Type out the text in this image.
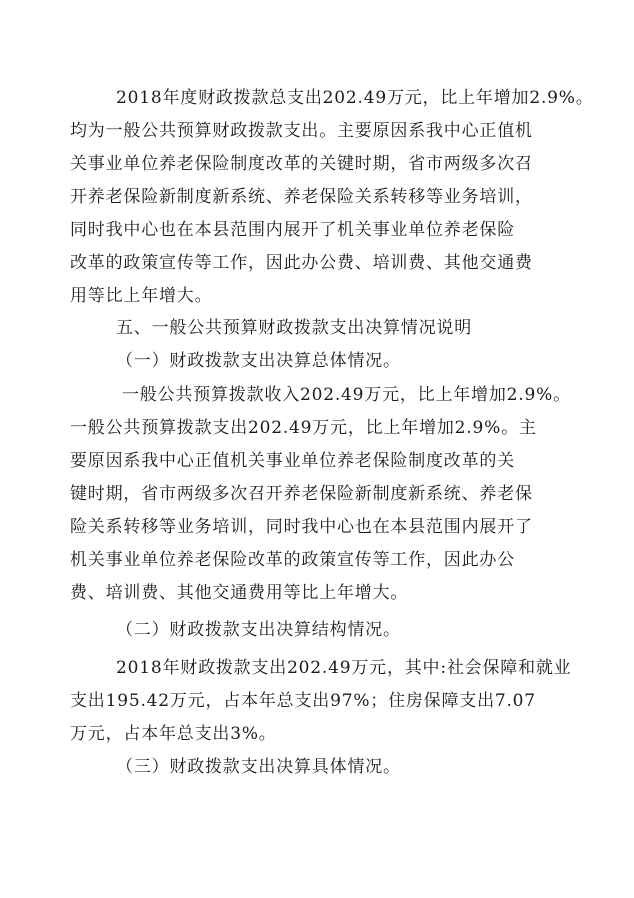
2018年度财政拨款总支出202.49万元，比上年增加2.9%。
均为一般公共预算财政拨款支出。主要原因系我中心正值机
关事业单位养老保险制度改革的关键时期，省市两级多次召
开养老保险新制度新系统、养老保险关系转移等业务培训，
同时我中心也在本县范围内展开了机关事业单位养老保险
改革的政策宣传等工作，因此办公费、培训费、其他交通费
用等比上年增大。
五、一般公共预算财政拨款支出决算情况说明
（一）财政拨款支出决算总体情况。
一般公共预算拨款收入202.49万元，比上年增加2.9%。
一般公共预算拨款支出202.49万元，比上年增加2.9%。主
要原因系我中心正值机关事业单位养老保险制度改革的关
键时期，省市两级多次召开养老保险新制度新系统、养老保
险关系转移等业务培训，同时我中心也在本县范围内展开了
机关事业单位养老保险改革的政策宣传等工作，因此办公
费、培训费、其他交通费用等比上年增大。
（二）财政拨款支出决算结构情况。
2018年财政拨款支出202.49万元，其中:社会保障和就业
支出195.42万元，占本年总支出97%；住房保障支出7.07
万元，占本年总支出3%。
（三）财政拨款支出决算具体情况。
